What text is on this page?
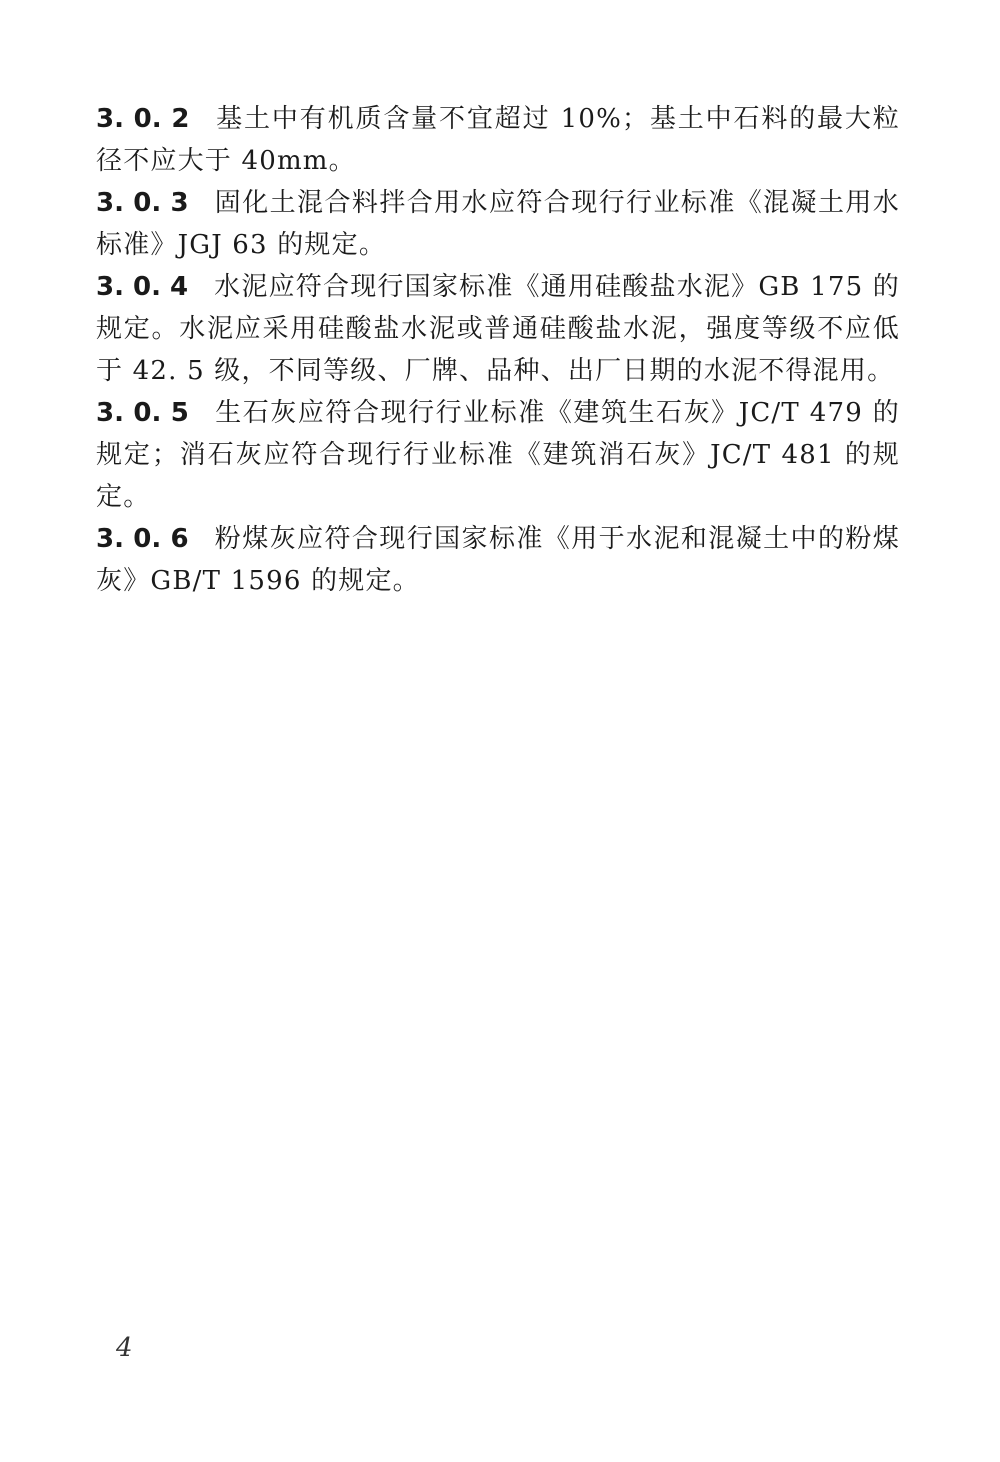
3. 0. 2 基土中有机质含量不宜超过 10%；基土中石料的最大粒径不应大于 40mm。

3. 0. 3 固化土混合料拌合用水应符合现行行业标准《混凝土用水标准》JGJ 63 的规定。

3. 0. 4 水泥应符合现行国家标准《通用硅酸盐水泥》GB 175 的规定。水泥应采用硅酸盐水泥或普通硅酸盐水泥，强度等级不应低于 42. 5 级，不同等级、厂牌、品种、出厂日期的水泥不得混用。

3. 0. 5 生石灰应符合现行行业标准《建筑生石灰》JC/T 479 的规定；消石灰应符合现行行业标准《建筑消石灰》JC/T 481 的规定。

3. 0. 6 粉煤灰应符合现行国家标准《用于水泥和混凝土中的粉煤灰》GB/T 1596 的规定。

4
